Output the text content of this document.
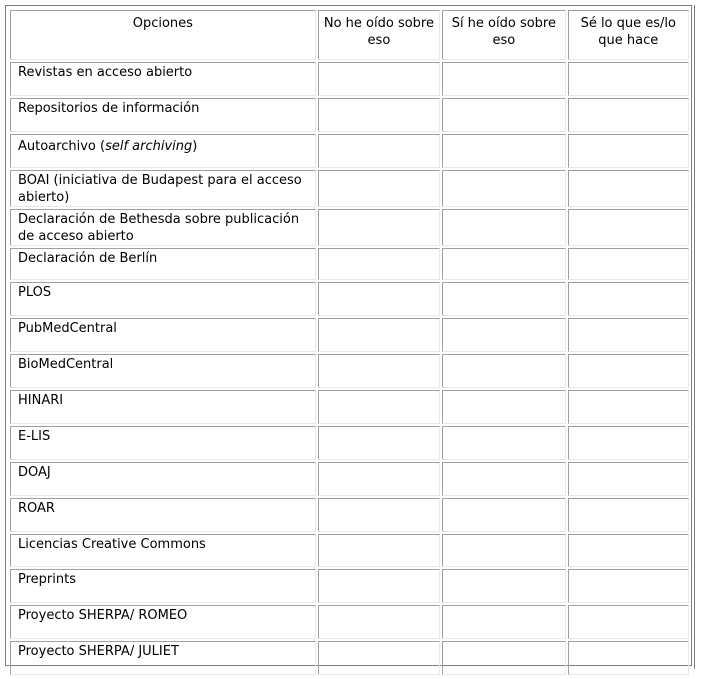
Opciones	No he oído sobre eso	Sí he oído sobre eso	Sé lo que es/lo que hace
Revistas en acceso abierto			
Repositorios de información			
Autoarchivo (self archiving)			
BOAI (iniciativa de Budapest para el acceso abierto)			
Declaración de Bethesda sobre publicación de acceso abierto			
Declaración de Berlín			
PLOS			
PubMedCentral			
BioMedCentral			
HINARI			
E-LIS			
DOAJ			
ROAR			
Licencias Creative Commons			
Preprints			
Proyecto SHERPA/ ROMEO			
Proyecto SHERPA/ JULIET			
